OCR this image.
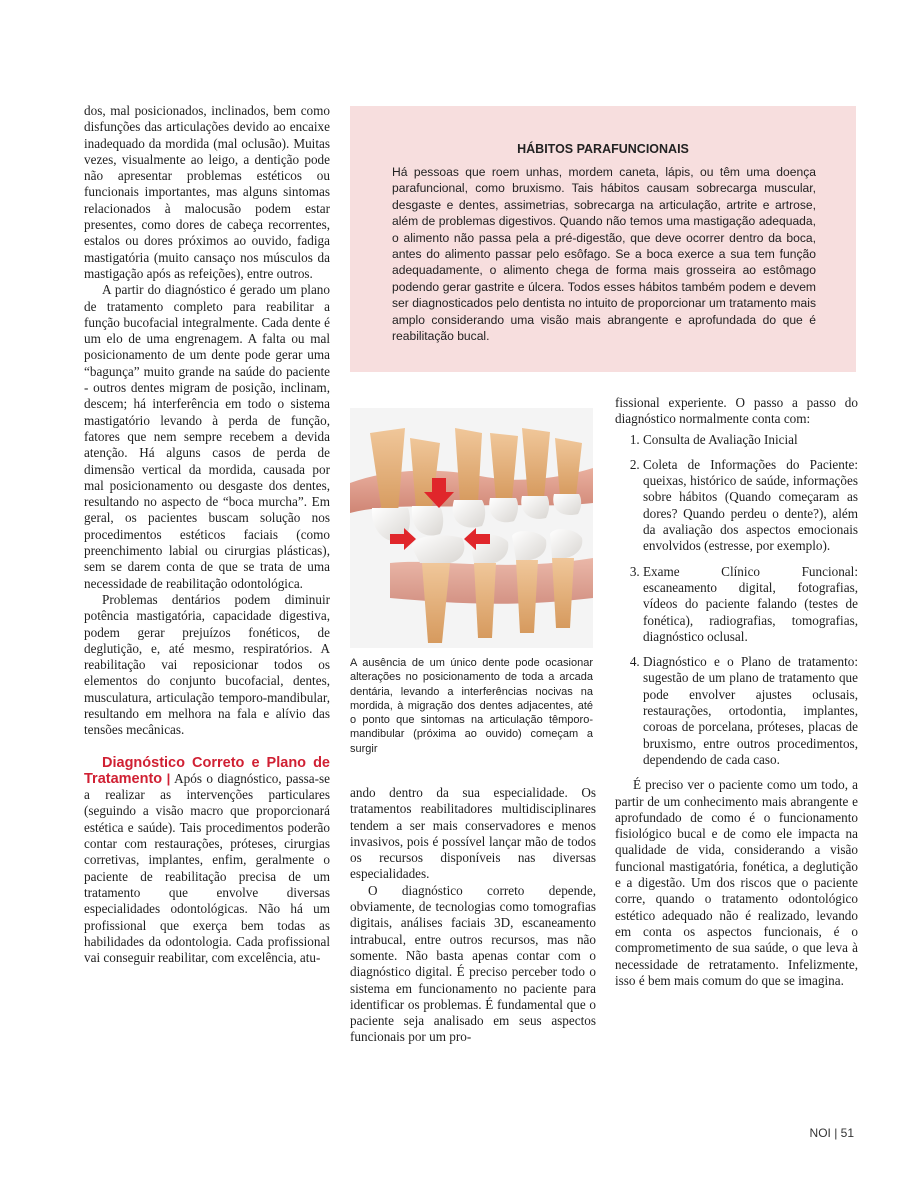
dos, mal posicionados, inclinados, bem como disfunções das articulações devido ao encaixe inadequado da mordida (mal oclusão). Muitas vezes, visualmente ao leigo, a dentição pode não apresentar problemas estéticos ou funcionais importantes, mas alguns sintomas relacionados à malocusão podem estar presentes, como dores de cabeça recorrentes, estalos ou dores próximos ao ouvido, fadiga mastigatória (muito cansaço nos músculos da mastigação após as refeições), entre outros.

A partir do diagnóstico é gerado um plano de tratamento completo para reabilitar a função bucofacial integralmente. Cada dente é um elo de uma engrenagem. A falta ou mal posicionamento de um dente pode gerar uma “bagunça” muito grande na saúde do paciente - outros dentes migram de posição, inclinam, descem; há interferência em todo o sistema mastigatório levando à perda de função, fatores que nem sempre recebem a devida atenção. Há alguns casos de perda de dimensão vertical da mordida, causada por mal posicionamento ou desgaste dos dentes, resultando no aspecto de “boca murcha”. Em geral, os pacientes buscam solução nos procedimentos estéticos faciais (como preenchimento labial ou cirurgias plásticas), sem se darem conta de que se trata de uma necessidade de reabilitação odontológica.

Problemas dentários podem diminuir potência mastigatória, capacidade digestiva, podem gerar prejuízos fonéticos, de deglutição, e, até mesmo, respiratórios. A reabilitação vai reposicionar todos os elementos do conjunto bucofacial, dentes, musculatura, articulação temporo-mandibular, resultando em melhora na fala e alívio das tensões mecânicas.

Diagnóstico Correto e Plano de Tratamento | Após o diagnóstico, passa-se a realizar as intervenções particulares (seguindo a visão macro que proporcionará estética e saúde). Tais procedimentos poderão contar com restaurações, próteses, cirurgias corretivas, implantes, enfim, geralmente o paciente de reabilitação precisa de um tratamento que envolve diversas especialidades odontológicas. Não há um profissional que exerça bem todas as habilidades da odontologia. Cada profissional vai conseguir reabilitar, com excelência, atu-

HÁBITOS PARAFUNCIONAIS
Há pessoas que roem unhas, mordem caneta, lápis, ou têm uma doença parafuncional, como bruxismo. Tais hábitos causam sobrecarga muscular, desgaste e dentes, assimetrias, sobrecarga na articulação, artrite e artrose, além de problemas digestivos. Quando não temos uma mastigação adequada, o alimento não passa pela a pré-digestão, que deve ocorrer dentro da boca, antes do alimento passar pelo esôfago. Se a boca exerce a sua tem função adequadamente, o alimento chega de forma mais grosseira ao estômago podendo gerar gastrite e úlcera. Todos esses hábitos também podem e devem ser diagnosticados pelo dentista no intuito de proporcionar um tratamento mais amplo considerando uma visão mais abrangente e aprofundada do que é reabilitação bucal.
A ausência de um único dente pode ocasionar alterações no posicionamento de toda a arcada dentária, levando a interferências nocivas na mordida, à migração dos dentes adjacentes, até o ponto que sintomas na articulação têmporo-mandibular (próxima ao ouvido) começam a surgir

ando dentro da sua especialidade. Os tratamentos reabilitadores multidisciplinares tendem a ser mais conservadores e menos invasivos, pois é possível lançar mão de todos os recursos disponíveis nas diversas especialidades.

O diagnóstico correto depende, obviamente, de tecnologias como tomografias digitais, análises faciais 3D, escaneamento intrabucal, entre outros recursos, mas não somente. Não basta apenas contar com o diagnóstico digital. É preciso perceber todo o sistema em funcionamento no paciente para identificar os problemas. É fundamental que o paciente seja analisado em seus aspectos funcionais por um pro-

fissional experiente. O passo a passo do diagnóstico normalmente conta com:

1. Consulta de Avaliação Inicial
2. Coleta de Informações do Paciente: queixas, histórico de saúde, informações sobre hábitos (Quando começaram as dores? Quando perdeu o dente?), além da avaliação dos aspectos emocionais envolvidos (estresse, por exemplo).
3. Exame Clínico Funcional: escaneamento digital, fotografias, vídeos do paciente falando (testes de fonética), radiografias, tomografias, diagnóstico oclusal.
4. Diagnóstico e o Plano de tratamento: sugestão de um plano de tratamento que pode envolver ajustes oclusais, restaurações, ortodontia, implantes, coroas de porcelana, próteses, placas de bruxismo, entre outros procedimentos, dependendo de cada caso.

É preciso ver o paciente como um todo, a partir de um conhecimento mais abrangente e aprofundado de como é o funcionamento fisiológico bucal e de como ele impacta na qualidade de vida, considerando a visão funcional mastigatória, fonética, a deglutição e a digestão. Um dos riscos que o paciente corre, quando o tratamento odontológico estético adequado não é realizado, levando em conta os aspectos funcionais, é o comprometimento de sua saúde, o que leva à necessidade de retratamento. Infelizmente, isso é bem mais comum do que se imagina.

NOI | 51
